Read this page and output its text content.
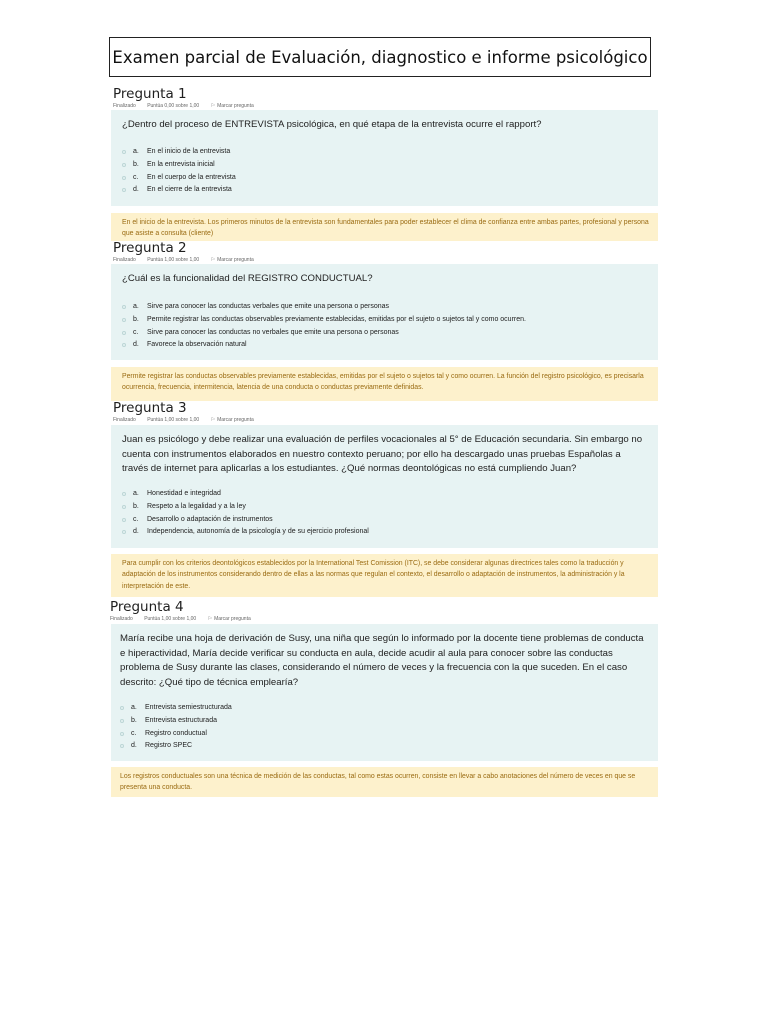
Examen parcial de Evaluación, diagnostico e informe psicológico
Pregunta 1
Finalizado Puntúa 0,00 sobre 1,00 ⚐ Marcar pregunta
¿Dentro del proceso de ENTREVISTA psicológica, en qué etapa de la entrevista ocurre el rapport?
a. En el inicio de la entrevista
b. En la entrevista inicial
c. En el cuerpo de la entrevista
d. En el cierre de la entrevista
En el inicio de la entrevista. Los primeros minutos de la entrevista son fundamentales para poder establecer el clima de confianza entre ambas partes, profesional y persona que asiste a consulta (cliente)
Pregunta 2
Finalizado Puntúa 1,00 sobre 1,00 ⚐ Marcar pregunta
¿Cuál es la funcionalidad del REGISTRO CONDUCTUAL?
a. Sirve para conocer las conductas verbales que emite una persona o personas
b. Permite registrar las conductas observables previamente establecidas, emitidas por el sujeto o sujetos tal y como ocurren.
c. Sirve para conocer las conductas no verbales que emite una persona o personas
d. Favorece la observación natural
Permite registrar las conductas observables previamente establecidas, emitidas por el sujeto o sujetos tal y como ocurren. La función del registro psicológico, es precisarla ocurrencia, frecuencia, intermitencia, latencia de una conducta o conductas previamente definidas.
Pregunta 3
Finalizado Puntúa 1,00 sobre 1,00 ⚐ Marcar pregunta
Juan es psicólogo y debe realizar una evaluación de perfiles vocacionales al 5° de Educación secundaria. Sin embargo no cuenta con instrumentos elaborados en nuestro contexto peruano; por ello ha descargado unas pruebas Españolas a través de internet para aplicarlas a los estudiantes. ¿Qué normas deontológicas no está cumpliendo Juan?
a. Honestidad e integridad
b. Respeto a la legalidad y a la ley
c. Desarrollo o adaptación de instrumentos
d. Independencia, autonomía de la psicología y de su ejercicio profesional
Para cumplir con los criterios deontológicos establecidos por la International Test Comission (ITC), se debe considerar algunas directrices tales como la traducción y adaptación de los instrumentos considerando dentro de ellas a las normas que regulan el contexto, el desarrollo o adaptación de instrumentos, la administración y la interpretación de este.
Pregunta 4
Finalizado Puntúa 1,00 sobre 1,00 ⚐ Marcar pregunta
María recibe una hoja de derivación de Susy, una niña que según lo informado por la docente tiene problemas de conducta e hiperactividad, María decide verificar su conducta en aula, decide acudir al aula para conocer sobre las conductas problema de Susy durante las clases, considerando el número de veces y la frecuencia con la que suceden. En el caso descrito: ¿Qué tipo de técnica emplearía?
a. Entrevista semiestructurada
b. Entrevista estructurada
c. Registro conductual
d. Registro SPEC
Los registros conductuales son una técnica de medición de las conductas, tal como estas ocurren, consiste en llevar a cabo anotaciones del número de veces en que se presenta una conducta.
